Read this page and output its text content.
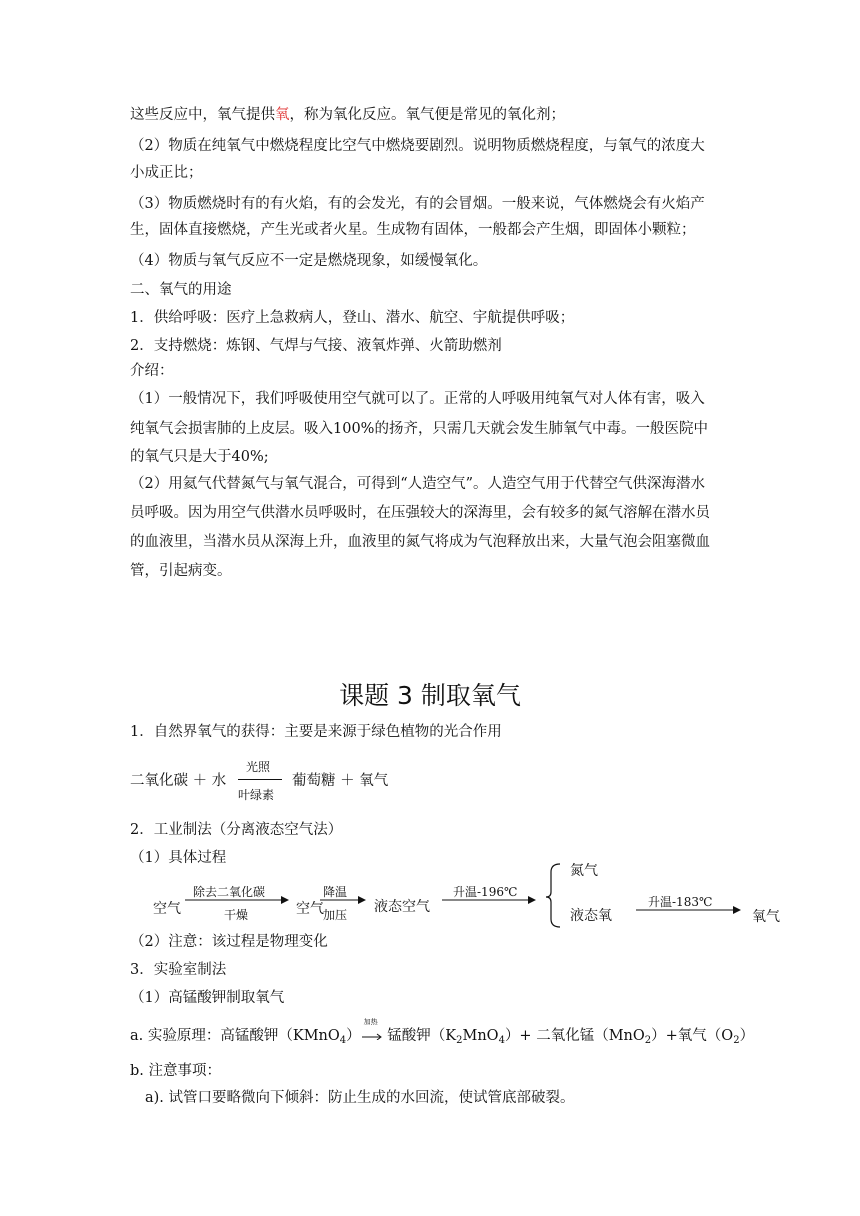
这些反应中，氧气提供氧，称为氧化反应。氧气便是常见的氧化剂；
（2）物质在纯氧气中燃烧程度比空气中燃烧要剧烈。说明物质燃烧程度，与氧气的浓度大
小成正比；
（3）物质燃烧时有的有火焰，有的会发光，有的会冒烟。一般来说，气体燃烧会有火焰产
生，固体直接燃烧，产生光或者火星。生成物有固体，一般都会产生烟，即固体小颗粒；
（4）物质与氧气反应不一定是燃烧现象，如缓慢氧化。
二、氧气的用途
1．供给呼吸：医疗上急救病人，登山、潜水、航空、宇航提供呼吸；
2．支持燃烧：炼钢、气焊与气接、液氧炸弹、火箭助燃剂
介绍：
（1）一般情况下，我们呼吸使用空气就可以了。正常的人呼吸用纯氧气对人体有害，吸入
纯氧气会损害肺的上皮层。吸入100%的扬齐，只需几天就会发生肺氧气中毒。一般医院中
的氧气只是大于40%;
（2）用氦气代替氮气与氧气混合，可得到“人造空气”。人造空气用于代替空气供深海潜水
员呼吸。因为用空气供潜水员呼吸时，在压强较大的深海里，会有较多的氮气溶解在潜水员
的血液里，当潜水员从深海上升，血液里的氮气将成为气泡释放出来，大量气泡会阻塞微血
管，引起病变。
课题 3 制取氧气
1．自然界氧气的获得：主要是来源于绿色植物的光合作用
二氧化碳 ＋ 水
光照
叶绿素
葡萄糖 ＋ 氧气
2．工业制法（分离液态空气法）
（1）具体过程
空气
除去二氧化碳
干燥	空气
降温
加压 液态空气
升温-196℃
氮气
液态氧
升温-183℃
氧气
（2）注意：该过程是物理变化
3．实验室制法
（1）高锰酸钾制取氧气
a. 实验原理：高锰酸钾（KMnO$_4$）
加热
锰酸钾$(K_2MnO_4)+$ 二氧化锰（MnO$_2$）+氧气$(O_2)$
b. 注意事项：
a). 试管口要略微向下倾斜：防止生成的水回流，使试管底部破裂。
